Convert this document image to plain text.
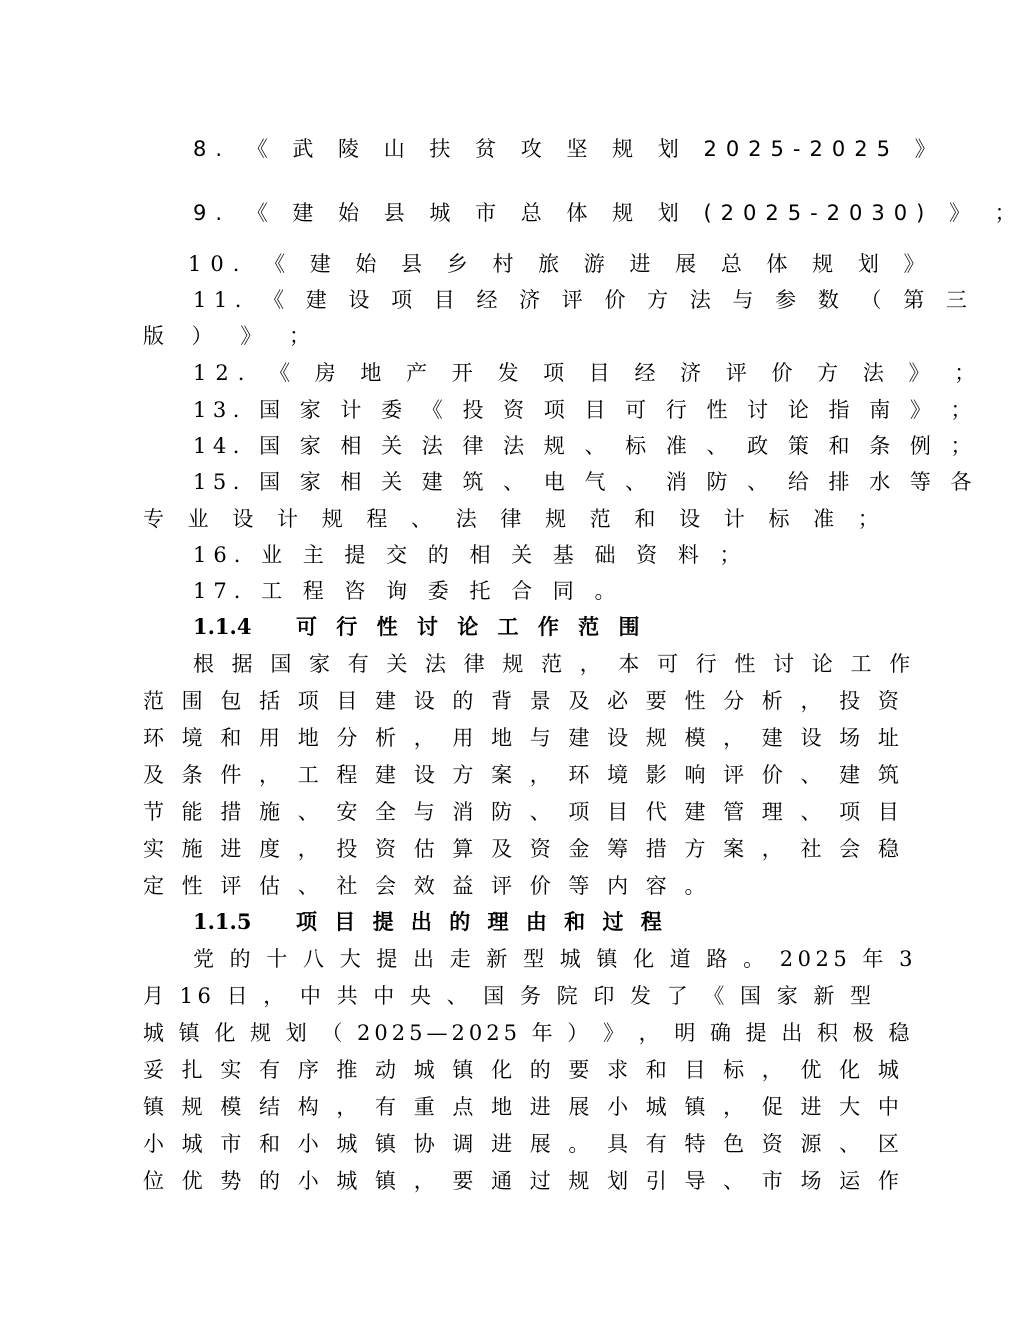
8. 《 武 陵 山 扶 贫 攻 坚 规 划 2025-2025 》
9. 《 建 始 县 城 市 总 体 规 划 (2025-2030) 》 ；
10. 《 建 始 县 乡 村 旅 游 进 展 总 体 规 划 》
11. 《 建 设 项 目 经 济 评 价 方 法 与 参 数 （ 第 三
版 ） 》 ；
12. 《 房 地 产 开 发 项 目 经 济 评 价 方 法 》 ；
13. 国 家 计 委 《 投 资 项 目 可 行 性 讨 论 指 南 》 ；
14. 国 家 相 关 法 律 法 规 、 标 准 、 政 策 和 条 例 ；
15. 国 家 相 关 建 筑 、 电 气 、 消 防 、 给 排 水 等 各
专 业 设 计 规 程 、 法 律 规 范 和 设 计 标 准 ；
16. 业 主 提 交 的 相 关 基 础 资 料 ；
17. 工 程 咨 询 委 托 合 同 。
1.1.4	可 行 性 讨 论 工 作 范 围
根 据 国 家 有 关 法 律 规 范 ， 本 可 行 性 讨 论 工 作
范 围 包 括 项 目 建 设 的 背 景 及 必 要 性 分 析 ， 投 资
环 境 和 用 地 分 析 ， 用 地 与 建 设 规 模 ， 建 设 场 址
及 条 件 ， 工 程 建 设 方 案 ， 环 境 影 响 评 价 、 建 筑
节 能 措 施 、 安 全 与 消 防 、 项 目 代 建 管 理 、 项 目
实 施 进 度 ， 投 资 估 算 及 资 金 筹 措 方 案 ， 社 会 稳
定 性 评 估 、 社 会 效 益 评 价 等 内 容 。
1.1.5	项 目 提 出 的 理 由 和 过 程
党 的 十 八 大 提 出 走 新 型 城 镇 化 道 路 。 2025 年 3
月 16 日 ， 中 共 中 央 、 国 务 院 印 发 了 《 国 家 新 型
城 镇 化 规 划 （ 2025—2025 年 ） 》 ， 明 确 提 出 积 极 稳
妥 扎 实 有 序 推 动 城 镇 化 的 要 求 和 目 标 ， 优 化 城
镇 规 模 结 构 ， 有 重 点 地 进 展 小 城 镇 ， 促 进 大 中
小 城 市 和 小 城 镇 协 调 进 展 。 具 有 特 色 资 源 、 区
位 优 势 的 小 城 镇 ， 要 通 过 规 划 引 导 、 市 场 运 作
